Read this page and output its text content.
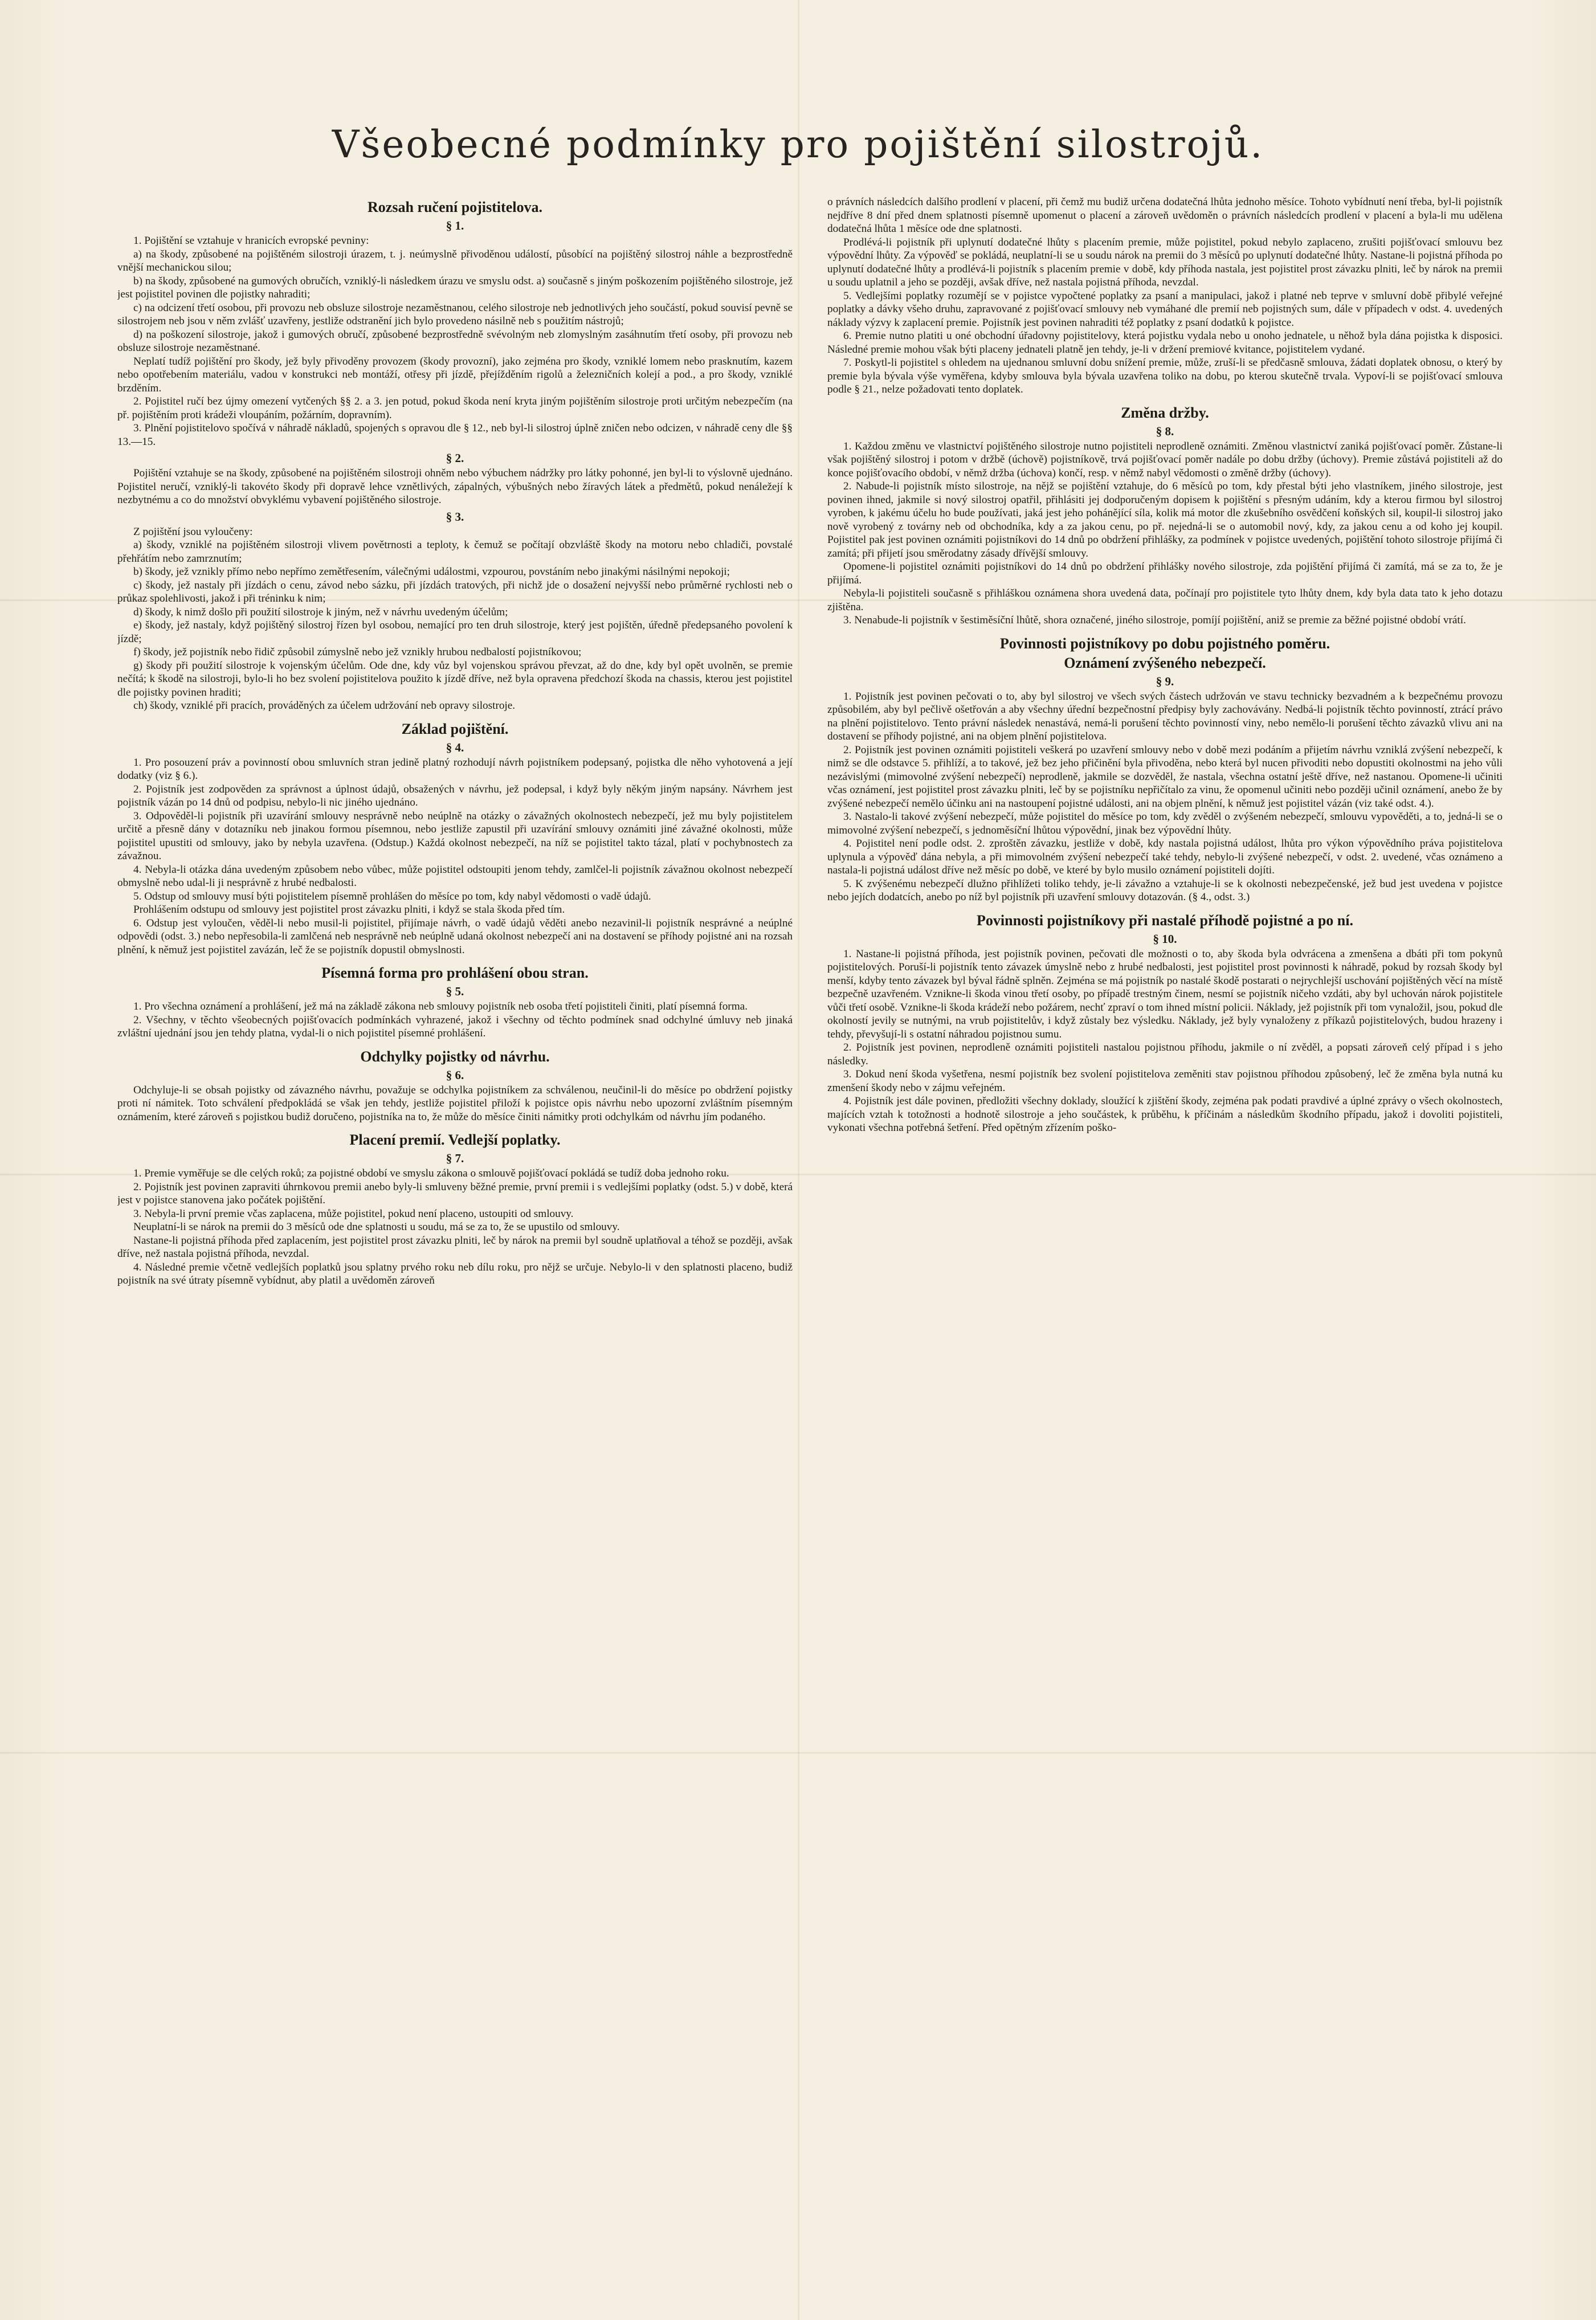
Všeobecné podmínky pro pojištění silostrojů.
Rozsah ručení pojistitelova.
§ 1.

1. Pojištění se vztahuje v hranicích evropské pevniny:

a) na škody, způsobené na pojištěném silostroji úrazem, t. j. neúmyslně přivoděnou událostí, působící na pojištěný silostroj náhle a bezprostředně vnější mechanickou silou;

b) na škody, způsobené na gumových obručích, vzniklý-li následkem úrazu ve smyslu odst. a) současně s jiným poškozením pojištěného silostroje, jež jest pojistitel povinen dle pojistky nahraditi;

c) na odcizení třetí osobou, při provozu neb obsluze silostroje nezaměstnanou, celého silostroje neb jednotlivých jeho součástí, pokud souvisí pevně se silostrojem neb jsou v něm zvlášť uzavřeny, jestliže odstranění jich bylo provedeno násilně neb s použitím nástrojů;

d) na poškození silostroje, jakož i gumových obručí, způsobené bezprostředně svévolným neb zlomyslným zasáhnutím třetí osoby, při provozu neb obsluze silostroje nezaměstnané.

Neplatí tudíž pojištění pro škody, jež byly přivoděny provozem (škody provozní), jako zejména pro škody, vzniklé lomem nebo prasknutím, kazem nebo opotřebením materiálu, vadou v konstrukci neb montáží, otřesy při jízdě, přejížděním rigolů a železničních kolejí a pod., a pro škody, vzniklé brzděním.

2. Pojistitel ručí bez újmy omezení vytčených §§ 2. a 3. jen potud, pokud škoda není kryta jiným pojištěním silostroje proti určitým nebezpečím (na př. pojištěním proti krádeži vloupáním, požárním, dopravním).

3. Plnění pojistitelovo spočívá v náhradě nákladů, spojených s opravou dle § 12., neb byl-li silostroj úplně zničen nebo odcizen, v náhradě ceny dle §§ 13.—15.

§ 2.

Pojištění vztahuje se na škody, způsobené na pojištěném silostroji ohněm nebo výbuchem nádržky pro látky pohonné, jen byl-li to výslovně ujednáno. Pojistitel neručí, vzniklý-li takovéto škody při dopravě lehce vznětlivých, zápalných, výbušných nebo žíravých látek a předmětů, pokud nenáležejí k nezbytnému a co do množství obvyklému vybavení pojištěného silostroje.

§ 3.

Z pojištění jsou vyloučeny:

a) škody, vzniklé na pojištěném silostroji vlivem povětrnosti a teploty, k čemuž se počítají obzvláště škody na motoru nebo chladiči, povstalé přehřátím nebo zamrznutím;

b) škody, jež vznikly přímo nebo nepřímo zemětřesením, válečnými událostmi, vzpourou, povstáním nebo jinakými násilnými nepokoji;

c) škody, jež nastaly při jízdách o cenu, závod nebo sázku, při jízdách tratových, při nichž jde o dosažení nejvyšší nebo průměrné rychlosti neb o průkaz spolehlivosti, jakož i při tréninku k nim;

d) škody, k nimž došlo při použití silostroje k jiným, než v návrhu uvedeným účelům;

e) škody, jež nastaly, když pojištěný silostroj řízen byl osobou, nemající pro ten druh silostroje, který jest pojištěn, úředně předepsaného povolení k jízdě;

f) škody, jež pojistník nebo řidič způsobil zúmyslně nebo jež vznikly hrubou nedbalostí pojistníkovou;

g) škody při použití silostroje k vojenským účelům. Ode dne, kdy vůz byl vojenskou správou převzat, až do dne, kdy byl opět uvolněn, se premie nečítá; k škodě na silostroji, bylo-li ho bez svolení pojistitelova použito k jízdě dříve, než byla opravena předchozí škoda na chassis, kterou jest pojistitel dle pojistky povinen hraditi;

ch) škody, vzniklé při pracích, prováděných za účelem udržování neb opravy silostroje.

Základ pojištění.
§ 4.

1. Pro posouzení práv a povinností obou smluvních stran jedině platný rozhodují návrh pojistníkem podepsaný, pojistka dle něho vyhotovená a její dodatky (viz § 6.).

2. Pojistník jest zodpověden za správnost a úplnost údajů, obsažených v návrhu, jež podepsal, i když byly někým jiným napsány. Návrhem jest pojistník vázán po 14 dnů od podpisu, nebylo-li nic jiného ujednáno.

3. Odpověděl-li pojistník při uzavírání smlouvy nesprávně nebo neúplně na otázky o závažných okolnostech nebezpečí, jež mu byly pojistitelem určitě a přesně dány v dotazníku neb jinakou formou písemnou, nebo jestliže zapustil při uzavírání smlouvy oznámiti jiné závažné okolnosti, může pojistitel upustiti od smlouvy, jako by nebyla uzavřena. (Odstup.) Každá okolnost nebezpečí, na níž se pojistitel takto tázal, platí v pochybnostech za závažnou.

4. Nebyla-li otázka dána uvedeným způsobem nebo vůbec, může pojistitel odstoupiti jenom tehdy, zamlčel-li pojistník závažnou okolnost nebezpečí obmyslně nebo udal-li ji nesprávně z hrubé nedbalosti.

5. Odstup od smlouvy musí býti pojistitelem písemně prohlášen do měsíce po tom, kdy nabyl vědomosti o vadě údajů.

Prohlášením odstupu od smlouvy jest pojistitel prost závazku plniti, i když se stala škoda před tím.

6. Odstup jest vyloučen, věděl-li nebo musil-li pojistitel, přijímaje návrh, o vadě údajů věděti anebo nezavinil-li pojistník nesprávné a neúplné odpovědi (odst. 3.) nebo nepřesobila-li zamlčená neb nesprávně neb neúplně udaná okolnost nebezpečí ani na dostavení se příhody pojistné ani na rozsah plnění, k němuž jest pojistitel zavázán, leč že se pojistník dopustil obmyslnosti.

Písemná forma pro prohlášení obou stran.
§ 5.

1. Pro všechna oznámení a prohlášení, jež má na základě zákona neb smlouvy pojistník neb osoba třetí pojistiteli činiti, platí písemná forma.

2. Všechny, v těchto všeobecných pojišťovacích podmínkách vyhrazené, jakož i všechny od těchto podmínek snad odchylné úmluvy neb jinaká zvláštní ujednání jsou jen tehdy platna, vydal-li o nich pojistitel písemné prohlášení.

Odchylky pojistky od návrhu.
§ 6.

Odchyluje-li se obsah pojistky od závazného návrhu, považuje se odchylka pojistníkem za schválenou, neučinil-li do měsíce po obdržení pojistky proti ní námitek. Toto schválení předpokládá se však jen tehdy, jestliže pojistitel přiloží k pojistce opis návrhu nebo upozorní zvláštním písemným oznámením, které zároveň s pojistkou budiž doručeno, pojistníka na to, že může do měsíce činiti námitky proti odchylkám od návrhu jím podaného.

Placení premií. Vedlejší poplatky.
§ 7.

1. Premie vyměřuje se dle celých roků; za pojistné období ve smyslu zákona o smlouvě pojišťovací pokládá se tudíž doba jednoho roku.

2. Pojistník jest povinen zapraviti úhrnkovou premii anebo byly-li smluveny běžné premie, první premii i s vedlejšími poplatky (odst. 5.) v době, která jest v pojistce stanovena jako počátek pojištění.

3. Nebyla-li první premie včas zaplacena, může pojistitel, pokud není placeno, ustoupiti od smlouvy.

Neuplatní-li se nárok na premii do 3 měsíců ode dne splatnosti u soudu, má se za to, že se upustilo od smlouvy.

Nastane-li pojistná příhoda před zaplacením, jest pojistitel prost závazku plniti, leč by nárok na premii byl soudně uplatňoval a téhož se později, avšak dříve, než nastala pojistná příhoda, nevzdal.

4. Následné premie včetně vedlejších poplatků jsou splatny prvého roku neb dílu roku, pro nějž se určuje. Nebylo-li v den splatnosti placeno, budiž pojistník na své útraty písemně vybídnut, aby platil a uvědoměn zároveň

o právních následcích dalšího prodlení v placení, při čemž mu budiž určena dodatečná lhůta jednoho měsíce. Tohoto vybídnutí není třeba, byl-li pojistník nejdříve 8 dní před dnem splatnosti písemně upomenut o placení a zároveň uvědoměn o právních následcích prodlení v placení a byla-li mu udělena dodatečná lhůta 1 měsíce ode dne splatnosti.

Prodlévá-li pojistník při uplynutí dodatečné lhůty s placením premie, může pojistitel, pokud nebylo zaplaceno, zrušiti pojišťovací smlouvu bez výpovědní lhůty. Za výpověď se pokládá, neuplatní-li se u soudu nárok na premii do 3 měsíců po uplynutí dodatečné lhůty. Nastane-li pojistná příhoda po uplynutí dodatečné lhůty a prodlévá-li pojistník s placením premie v době, kdy příhoda nastala, jest pojistitel prost závazku plniti, leč by nárok na premii u soudu uplatnil a jeho se později, avšak dříve, než nastala pojistná příhoda, nevzdal.

5. Vedlejšími poplatky rozumějí se v pojistce vypočtené poplatky za psaní a manipulaci, jakož i platné neb teprve v smluvní době přibylé veřejné poplatky a dávky všeho druhu, zapravované z pojišťovací smlouvy neb vymáhané dle premií neb pojistných sum, dále v případech v odst. 4. uvedených náklady výzvy k zaplacení premie. Pojistník jest povinen nahraditi též poplatky z psaní dodatků k pojistce.

6. Premie nutno platiti u oné obchodní úřadovny pojistitelovy, která pojistku vydala nebo u onoho jednatele, u něhož byla dána pojistka k disposici. Následné premie mohou však býti placeny jednateli platně jen tehdy, je-li v držení premiové kvitance, pojistitelem vydané.

7. Poskytl-li pojistitel s ohledem na ujednanou smluvní dobu snížení premie, může, zruší-li se předčasně smlouva, žádati doplatek obnosu, o který by premie byla bývala výše vyměřena, kdyby smlouva byla bývala uzavřena toliko na dobu, po kterou skutečně trvala. Vypoví-li se pojišťovací smlouva podle § 21., nelze požadovati tento doplatek.

Změna držby.
§ 8.

1. Každou změnu ve vlastnictví pojištěného silostroje nutno pojistiteli neprodleně oznámiti. Změnou vlastnictví zaniká pojišťovací poměr. Zůstane-li však pojištěný silostroj i potom v držbě (úchově) pojistníkově, trvá pojišťovací poměr nadále po dobu držby (úchovy). Premie zůstává pojistiteli až do konce pojišťovacího období, v němž držba (úchova) končí, resp. v němž nabyl vědomosti o změně držby (úchovy).

2. Nabude-li pojistník místo silostroje, na nějž se pojištění vztahuje, do 6 měsíců po tom, kdy přestal býti jeho vlastníkem, jiného silostroje, jest povinen ihned, jakmile si nový silostroj opatřil, přihlásiti jej dodporučeným dopisem k pojištění s přesným udáním, kdy a kterou firmou byl silostroj vyroben, k jakému účelu ho bude používati, jaká jest jeho pohánějící síla, kolik má motor dle zkušebního osvědčení koňských sil, koupil-li silostroj jako nově vyrobený z továrny neb od obchodníka, kdy a za jakou cenu, po př. nejedná-li se o automobil nový, kdy, za jakou cenu a od koho jej koupil. Pojistitel pak jest povinen oznámiti pojistníkovi do 14 dnů po obdržení přihlášky, za podmínek v pojistce uvedených, pojištění tohoto silostroje přijímá či zamítá; při přijetí jsou směrodatny zásady dřívější smlouvy.

Opomene-li pojistitel oznámiti pojistníkovi do 14 dnů po obdržení přihlášky nového silostroje, zda pojištění přijímá či zamítá, má se za to, že je přijímá.

Nebyla-li pojistiteli současně s přihláškou oznámena shora uvedená data, počínají pro pojistitele tyto lhůty dnem, kdy byla data tato k jeho dotazu zjištěna.

3. Nenabude-li pojistník v šestiměsíční lhůtě, shora označené, jiného silostroje, pomíjí pojištění, aniž se premie za běžné pojistné období vrátí.

Povinnosti pojistníkovy po dobu pojistného poměru.
Oznámení zvýšeného nebezpečí.
§ 9.

1. Pojistník jest povinen pečovati o to, aby byl silostroj ve všech svých částech udržován ve stavu technicky bezvadném a k bezpečnému provozu způsobilém, aby byl pečlivě ošetřován a aby všechny úřední bezpečnostní předpisy byly zachovávány. Nedbá-li pojistník těchto povinností, ztrácí právo na plnění pojistitelovo. Tento právní následek nenastává, nemá-li porušení těchto povinností viny, nebo nemělo-li porušení těchto závazků vlivu ani na dostavení se příhody pojistné, ani na objem plnění pojistitelova.

2. Pojistník jest povinen oznámiti pojistiteli veškerá po uzavření smlouvy nebo v době mezi podáním a přijetím návrhu vzniklá zvýšení nebezpečí, k nimž se dle odstavce 5. přihlíží, a to takové, jež bez jeho přičinění byla přivoděna, nebo která byl nucen přivoditi nebo dopustiti okolnostmi na jeho vůli nezávislými (mimovolné zvýšení nebezpečí) neprodleně, jakmile se dozvěděl, že nastala, všechna ostatní ještě dříve, než nastanou. Opomene-li učiniti včas oznámení, jest pojistitel prost závazku plniti, leč by se pojistníku nepřičítalo za vinu, že opomenul učiniti nebo později učinil oznámení, anebo že by zvýšené nebezpečí nemělo účinku ani na nastoupení pojistné události, ani na objem plnění, k němuž jest pojistitel vázán (viz také odst. 4.).

3. Nastalo-li takové zvýšení nebezpečí, může pojistitel do měsíce po tom, kdy zvěděl o zvýšeném nebezpečí, smlouvu vypověděti, a to, jedná-li se o mimovolné zvýšení nebezpečí, s jednoměsíční lhůtou výpovědní, jinak bez výpovědní lhůty.

4. Pojistitel není podle odst. 2. zproštěn závazku, jestliže v době, kdy nastala pojistná událost, lhůta pro výkon výpovědního práva pojistitelova uplynula a výpověď dána nebyla, a při mimovolném zvýšení nebezpečí také tehdy, nebylo-li zvýšené nebezpečí, v odst. 2. uvedené, včas oznámeno a nastala-li pojistná událost dříve než měsíc po době, ve které by bylo musilo oznámení pojistiteli dojíti.

5. K zvýšenému nebezpečí dlužno přihlížeti toliko tehdy, je-li závažno a vztahuje-li se k okolnosti nebezpečenské, jež bud jest uvedena v pojistce nebo jejích dodatcích, anebo po níž byl pojistník při uzavření smlouvy dotazován. (§ 4., odst. 3.)

Povinnosti pojistníkovy při nastalé příhodě pojistné a po ní.
§ 10.

1. Nastane-li pojistná příhoda, jest pojistník povinen, pečovati dle možnosti o to, aby škoda byla odvrácena a zmenšena a dbáti při tom pokynů pojistitelových. Poruší-li pojistník tento závazek úmyslně nebo z hrubé nedbalosti, jest pojistitel prost povinnosti k náhradě, pokud by rozsah škody byl menší, kdyby tento závazek byl býval řádně splněn. Zejména se má pojistník po nastalé škodě postarati o nejrychlejší uschování pojištěných věcí na místě bezpečně uzavřeném. Vznikne-li škoda vinou třetí osoby, po případě trestným činem, nesmí se pojistník ničeho vzdáti, aby byl uchován nárok pojistitele vůči třetí osobě. Vznikne-li škoda krádeží nebo požárem, nechť zpraví o tom ihned místní policii. Náklady, jež pojistník při tom vynaložil, jsou, pokud dle okolností jevily se nutnými, na vrub pojistitelův, i když zůstaly bez výsledku. Náklady, jež byly vynaloženy z příkazů pojistitelových, budou hrazeny i tehdy, převyšují-li s ostatní náhradou pojistnou sumu.

2. Pojistník jest povinen, neprodleně oznámiti pojistiteli nastalou pojistnou příhodu, jakmile o ní zvěděl, a popsati zároveň celý případ i s jeho následky.

3. Dokud není škoda vyšetřena, nesmí pojistník bez svolení pojistitelova zeměniti stav pojistnou příhodou způsobený, leč že změna byla nutná ku zmenšení škody nebo v zájmu veřejném.

4. Pojistník jest dále povinen, předložiti všechny doklady, sloužící k zjištění škody, zejména pak podati pravdivé a úplné zprávy o všech okolnostech, majících vztah k totožnosti a hodnotě silostroje a jeho součástek, k průběhu, k příčinám a následkům škodního případu, jakož i dovoliti pojistiteli, vykonati všechna potřebná šetření. Před opětným zřízením poško-
